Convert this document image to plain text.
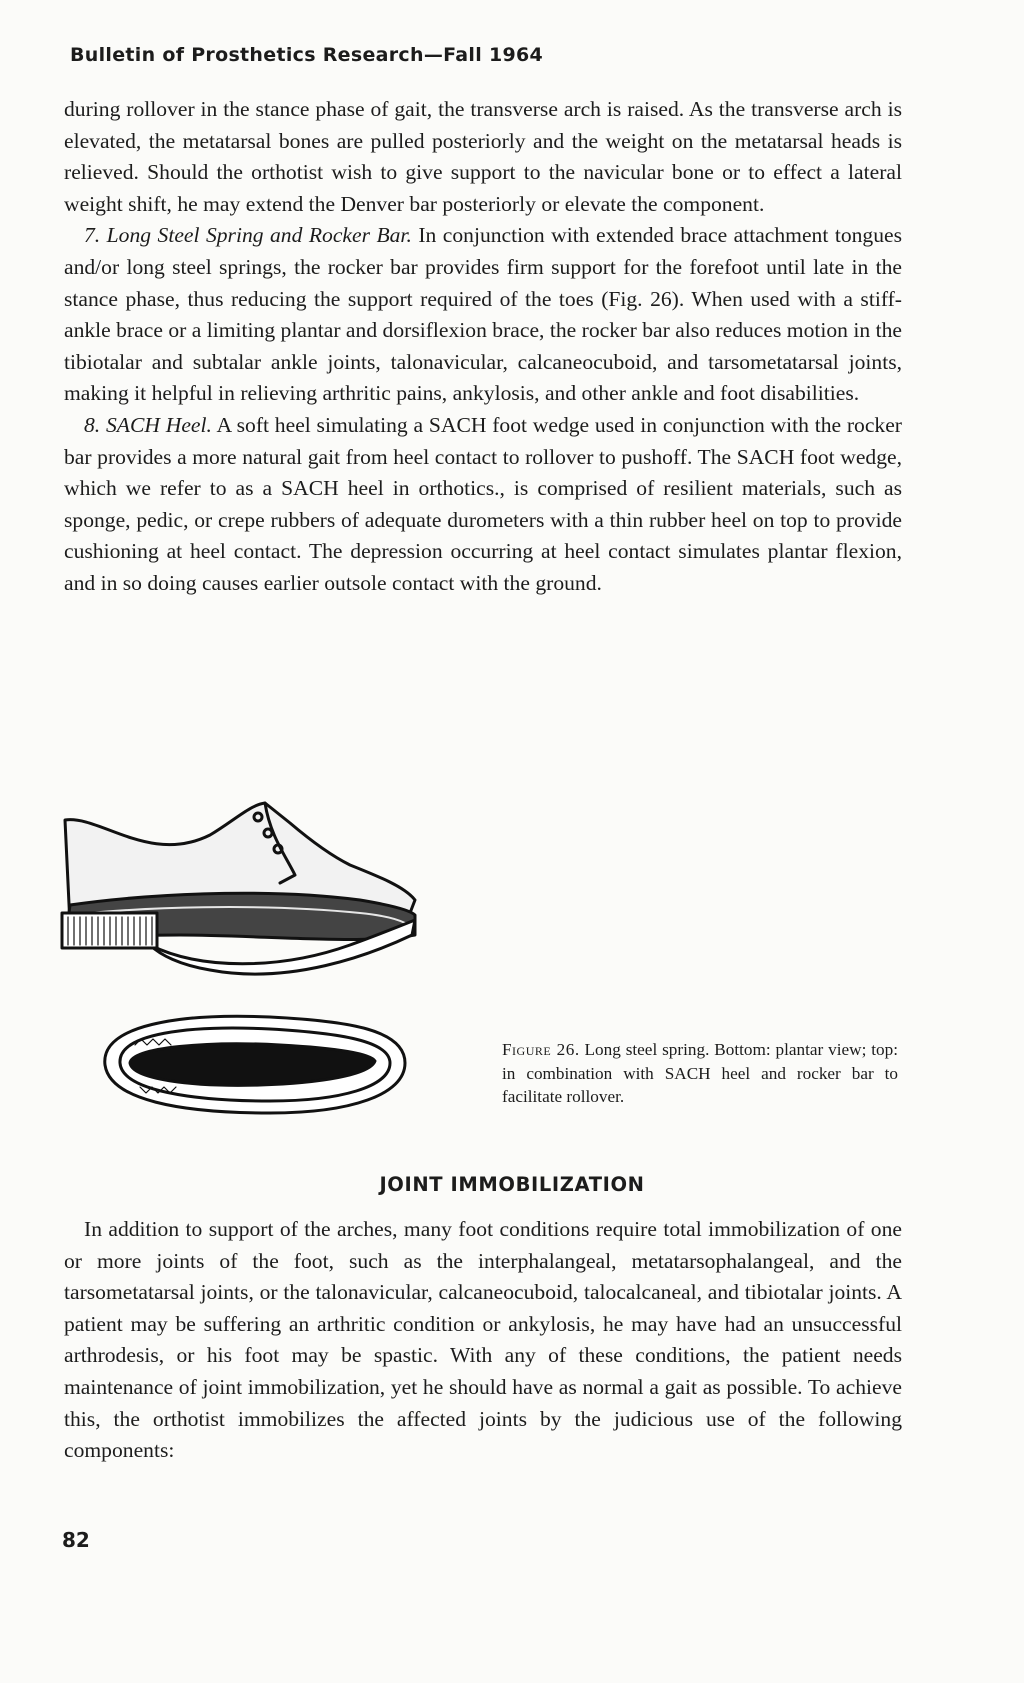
Bulletin of Prosthetics Research—Fall 1964

during rollover in the stance phase of gait, the transverse arch is raised. As the transverse arch is elevated, the metatarsal bones are pulled posteriorly and the weight on the metatarsal heads is relieved. Should the orthotist wish to give support to the navicular bone or to effect a lateral weight shift, he may extend the Denver bar posteriorly or elevate the component.

7. Long Steel Spring and Rocker Bar. In conjunction with extended brace attachment tongues and/or long steel springs, the rocker bar provides firm support for the forefoot until late in the stance phase, thus reducing the support required of the toes (Fig. 26). When used with a stiff-ankle brace or a limiting plantar and dorsiflexion brace, the rocker bar also reduces motion in the tibiotalar and subtalar ankle joints, talonavicular, calcaneocuboid, and tarsometatarsal joints, making it helpful in relieving arthritic pains, ankylosis, and other ankle and foot disabilities.

8. SACH Heel. A soft heel simulating a SACH foot wedge used in conjunction with the rocker bar provides a more natural gait from heel contact to rollover to pushoff. The SACH foot wedge, which we refer to as a SACH heel in orthotics., is comprised of resilient materials, such as sponge, pedic, or crepe rubbers of adequate durometers with a thin rubber heel on top to provide cushioning at heel contact. The depression occurring at heel contact simulates plantar flexion, and in so doing causes earlier outsole contact with the ground.

Figure 26. Long steel spring. Bottom: plantar view; top: in combination with SACH heel and rocker bar to facilitate rollover.
JOINT IMMOBILIZATION

In addition to support of the arches, many foot conditions require total immobilization of one or more joints of the foot, such as the interphalangeal, metatarsophalangeal, and the tarsometatarsal joints, or the talonavicular, calcaneocuboid, talocalcaneal, and tibiotalar joints. A patient may be suffering an arthritic condition or ankylosis, he may have had an unsuccessful arthrodesis, or his foot may be spastic. With any of these conditions, the patient needs maintenance of joint immobilization, yet he should have as normal a gait as possible. To achieve this, the orthotist immobilizes the affected joints by the judicious use of the following components:

82
